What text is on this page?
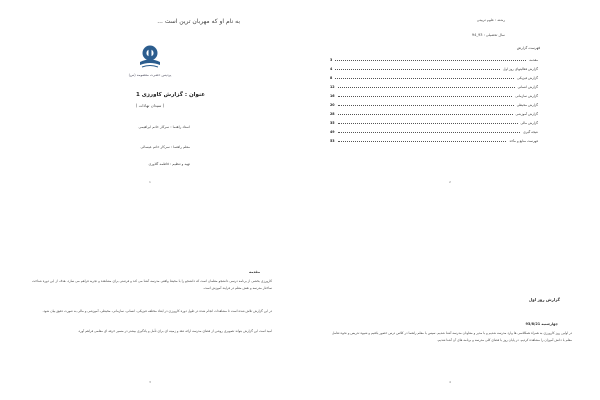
به نام او که مهربان ترین است ...
پردیس حضرت معصومه (س)
عنوان : گزارش کاورزی 1
( سیدان تهاذات )
استاد راهنما : سرکار خانم ابراهیمی
معلم راهنما : سرکار خانم عیسائی
تهیه و تنظیم : فاطمه گلاوری
1
رشته : علوم تربیتی
سال تحصیلی : 93_94
فهرست گزارش
مقدمه
3
گزارش فعالیتهای روز اول
4
گزارش فیزیکی
8
گزارش انسانی
12
گزارش سازمانی
16
گزارش محیطی
20
گزارش آموزشی
28
گزارش مالی
35
نتیجه گیری
49
فهرست منابع و مآخذ
53
2
مقدمه

کارورزی بخشی از برنامه درسی دانشجو معلمان است که دانشجو را با محیط واقعی مدرسه آشنا می کند و فرصتی برای مشاهده و تجربه فراهم می سازد. هدف از این دوره شناخت ساختار مدرسه و نقش معلم در فرایند آموزش است.

در این گزارش تلاش شده است تا مشاهدات انجام شده در طول دوره کارورزی در ابعاد مختلف فیزیکی، انسانی، سازمانی، محیطی، آموزشی و مالی به صورت دقیق بیان شود.

امید است این گزارش بتواند تصویری روشن از فضای مدرسه ارائه دهد و زمینه ای برای تأمل و یادگیری بیشتر در مسیر حرفه ای معلمی فراهم آورد.

3
گزارش روز اول
چهارشنبه 93/8/21

در اولین روز کارورزی به همراه همکلاسی ها وارد مدرسه شدیم و با مدیر و معاونان مدرسه آشنا شدیم. سپس با معلم راهنما در کلاس درس حضور یافتیم و شیوه تدریس و نحوه تعامل معلم با دانش آموزان را مشاهده کردیم. در پایان روز با فضای کلی مدرسه و برنامه های آن آشنا شدیم.

4
